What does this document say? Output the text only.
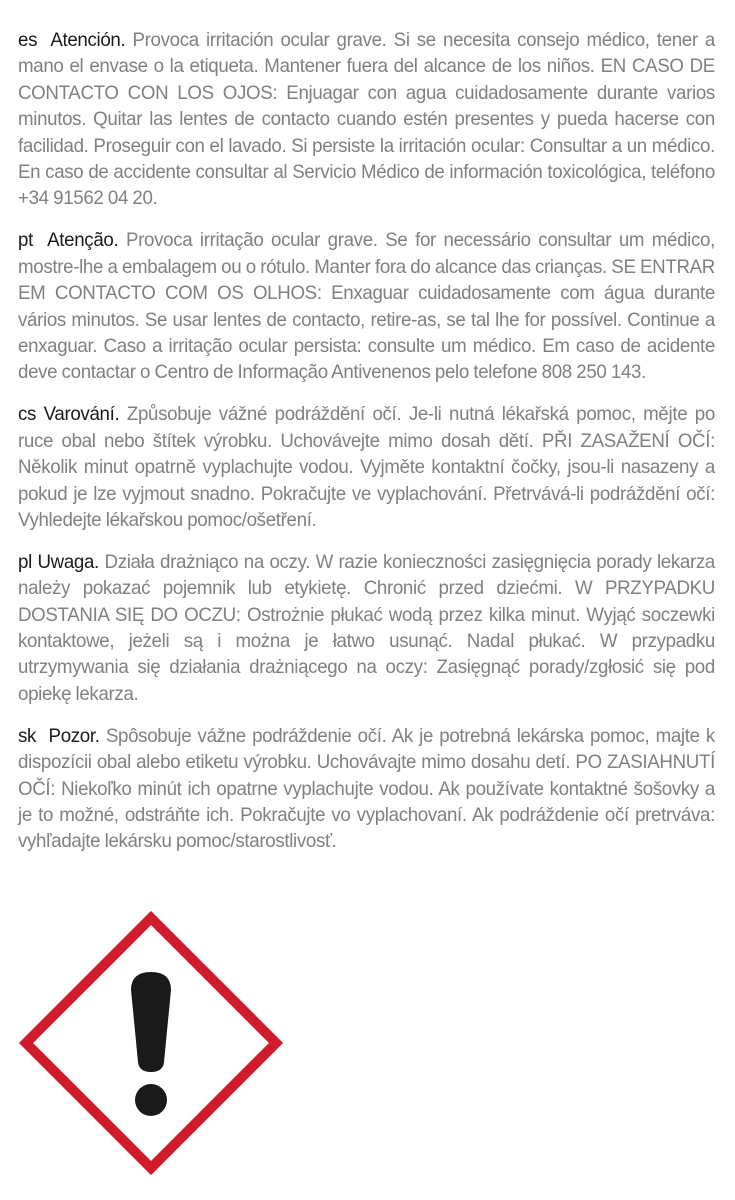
es Atención. Provoca irritación ocular grave. Si se necesita consejo médico, tener a mano el envase o la etiqueta. Mantener fuera del alcance de los niños. EN CASO DE CONTACTO CON LOS OJOS: Enjuagar con agua cuidadosamente durante varios minutos. Quitar las lentes de contacto cuando estén presentes y pueda hacerse con facilidad. Proseguir con el lavado. Si persiste la irritación ocular: Consultar a un médico. En caso de accidente consultar al Servicio Médico de información toxicológica, teléfono +34 91562 04 20.

pt Atenção. Provoca irritação ocular grave. Se for necessário consultar um médico, mostre-lhe a embalagem ou o rótulo. Manter fora do alcance das crianças. SE ENTRAR EM CONTACTO COM OS OLHOS: Enxaguar cuidadosamente com água durante vários minutos. Se usar lentes de contacto, retire-as, se tal lhe for possível. Continue a enxaguar. Caso a irritação ocular persista: consulte um médico. Em caso de acidente deve contactar o Centro de Informação Antivenenos pelo telefone 808 250 143.

cs Varování. Způsobuje vážné podráždění očí. Je-li nutná lékařská pomoc, mějte po ruce obal nebo štítek výrobku. Uchovávejte mimo dosah dětí. PŘI ZASAŽENÍ OČÍ: Několik minut opatrně vyplachujte vodou. Vyjměte kontaktní čočky, jsou-li nasazeny a pokud je lze vyjmout snadno. Pokračujte ve vyplachování. Přetrvává-li podráždění očí: Vyhledejte lékařskou pomoc/ošetření.

pl Uwaga. Działa drażniąco na oczy. W razie konieczności zasięgnięcia porady lekarza należy pokazać pojemnik lub etykietę. Chronić przed dziećmi. W PRZYPADKU DOSTANIA SIĘ DO OCZU: Ostrożnie płukać wodą przez kilka minut. Wyjąć soczewki kontaktowe, jeżeli są i można je łatwo usunąć. Nadal płukać. W przypadku utrzymywania się działania drażniącego na oczy: Zasięgnąć porady/zgłosić się pod opiekę lekarza.

sk Pozor. Spôsobuje vážne podráždenie očí. Ak je potrebná lekárska pomoc, majte k dispozícii obal alebo etiketu výrobku. Uchovávajte mimo dosahu detí. PO ZASIAHNUTÍ OČÍ: Niekoľko minút ich opatrne vyplachujte vodou. Ak používate kontaktné šošovky a je to možné, odstráňte ich. Pokračujte vo vyplachovaní. Ak podráždenie očí pretrváva: vyhľadajte lekársku pomoc/starostlivosť.
